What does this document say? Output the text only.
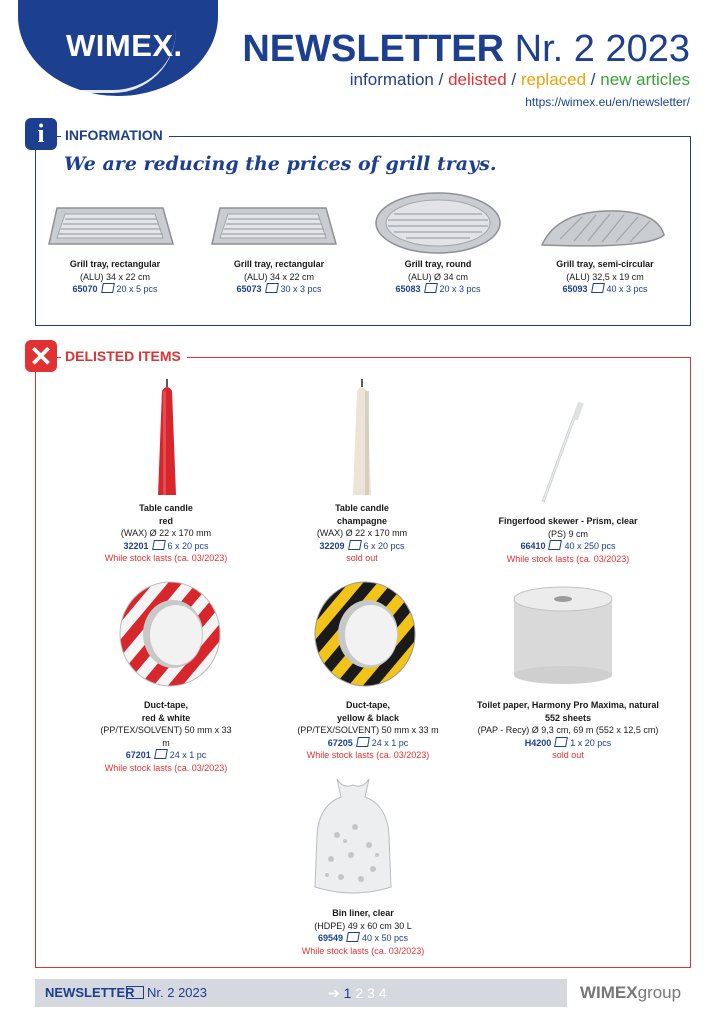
WIMEX. NEWSLETTER Nr. 2 2023
information / delisted / replaced / new articles
https://wimex.eu/en/newsletter/
i	INFORMATION
We are reducing the prices of grill trays.
Grill tray, rectangular
(ALU) 34 x 22 cm
65070 20 x 5 pcs
Grill tray, rectangular
(ALU) 34 x 22 cm
65073 30 x 3 pcs
Grill tray, round
(ALU) Ø 34 cm
65083 20 x 3 pcs
Grill tray, semi-circular
(ALU) 32,5 x 19 cm
65093 40 x 3 pcs
✕ DELISTED ITEMS
Table candle
red
(WAX) Ø 22 x 170 mm
32201 6 x 20 pcs
While stock lasts (ca. 03/2023)
Table candle
champagne
(WAX) Ø 22 x 170 mm
32209 6 x 20 pcs
sold out
Fingerfood skewer - Prism, clear
(PS) 9 cm
66410 40 x 250 pcs
While stock lasts (ca. 03/2023)
Duct-tape,
red & white
(PP/TEX/SOLVENT) 50 mm x 33 m
67201 24 x 1 pc
While stock lasts (ca. 03/2023)
Duct-tape,
yellow & black
(PP/TEX/SOLVENT) 50 mm x 33 m
67205 24 x 1 pc
While stock lasts (ca. 03/2023)
Toilet paper, Harmony Pro Maxima, natural
552 sheets
(PAP - Recy) Ø 9,3 cm, 69 m (552 x 12,5 cm)
H4200 1 x 20 pcs
sold out
Bin liner, clear
(HDPE) 49 x 60 cm 30 L
69549 40 x 50 pcs
While stock lasts (ca. 03/2023)
NEWSLETTER Nr. 2 2023	➔ 1 2 3 4	WIMEXgroup
